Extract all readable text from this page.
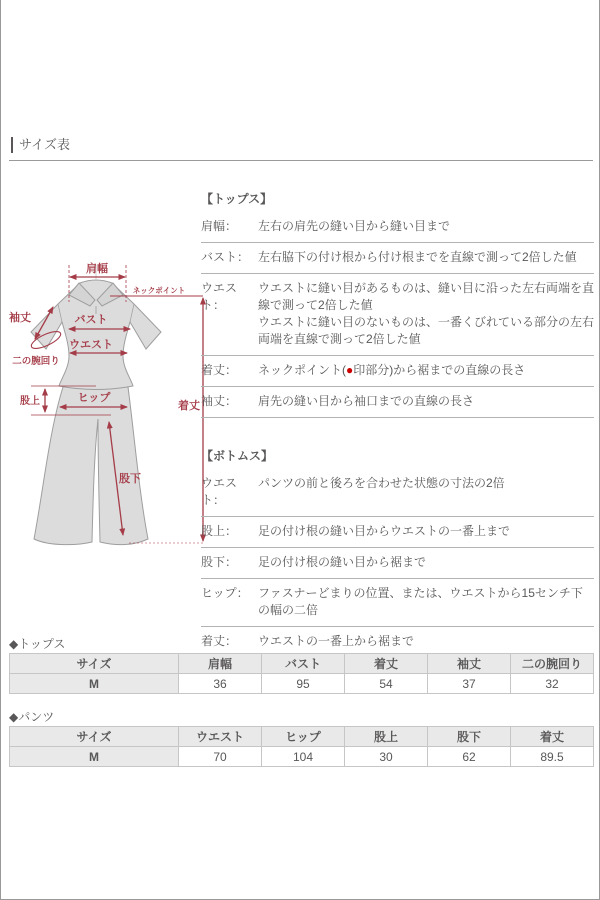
サイズ表
肩幅
ネックポイント
袖丈	バスト
ウエスト
二の腕回り
着丈
股上	ヒップ
股下
【トップス】
肩幅：	左右の肩先の縫い目から縫い目まで
バスト： 左右脇下の付け根から付け根までを直線で測って2倍した値
ウエスト：
ウエストに縫い目があるものは、縫い目に沿った左右両端を直線で測って2倍した値
ウエストに縫い目のないものは、一番くびれている部分の左右両端を直線で測って2倍した値
着丈：	ネックポイント(●印部分)から裾までの直線の長さ
袖丈：	肩先の縫い目から袖口までの直線の長さ
【ボトムス】
ウエスト：
パンツの前と後ろを合わせた状態の寸法の2倍
股上：	足の付け根の縫い目からウエストの一番上まで
股下：	足の付け根の縫い目から裾まで
ヒップ： ファスナーどまりの位置、または、ウエストから15センチ下の幅の二倍
着丈：	ウエストの一番上から裾まで
◆トップス
サイズ	肩幅	バスト	着丈	袖丈	二の腕回り
M	36	95	54	37	32
◆パンツ
サイズ	ウエスト	ヒップ	股上	股下	着丈
M	70	104	30	62	89.5
